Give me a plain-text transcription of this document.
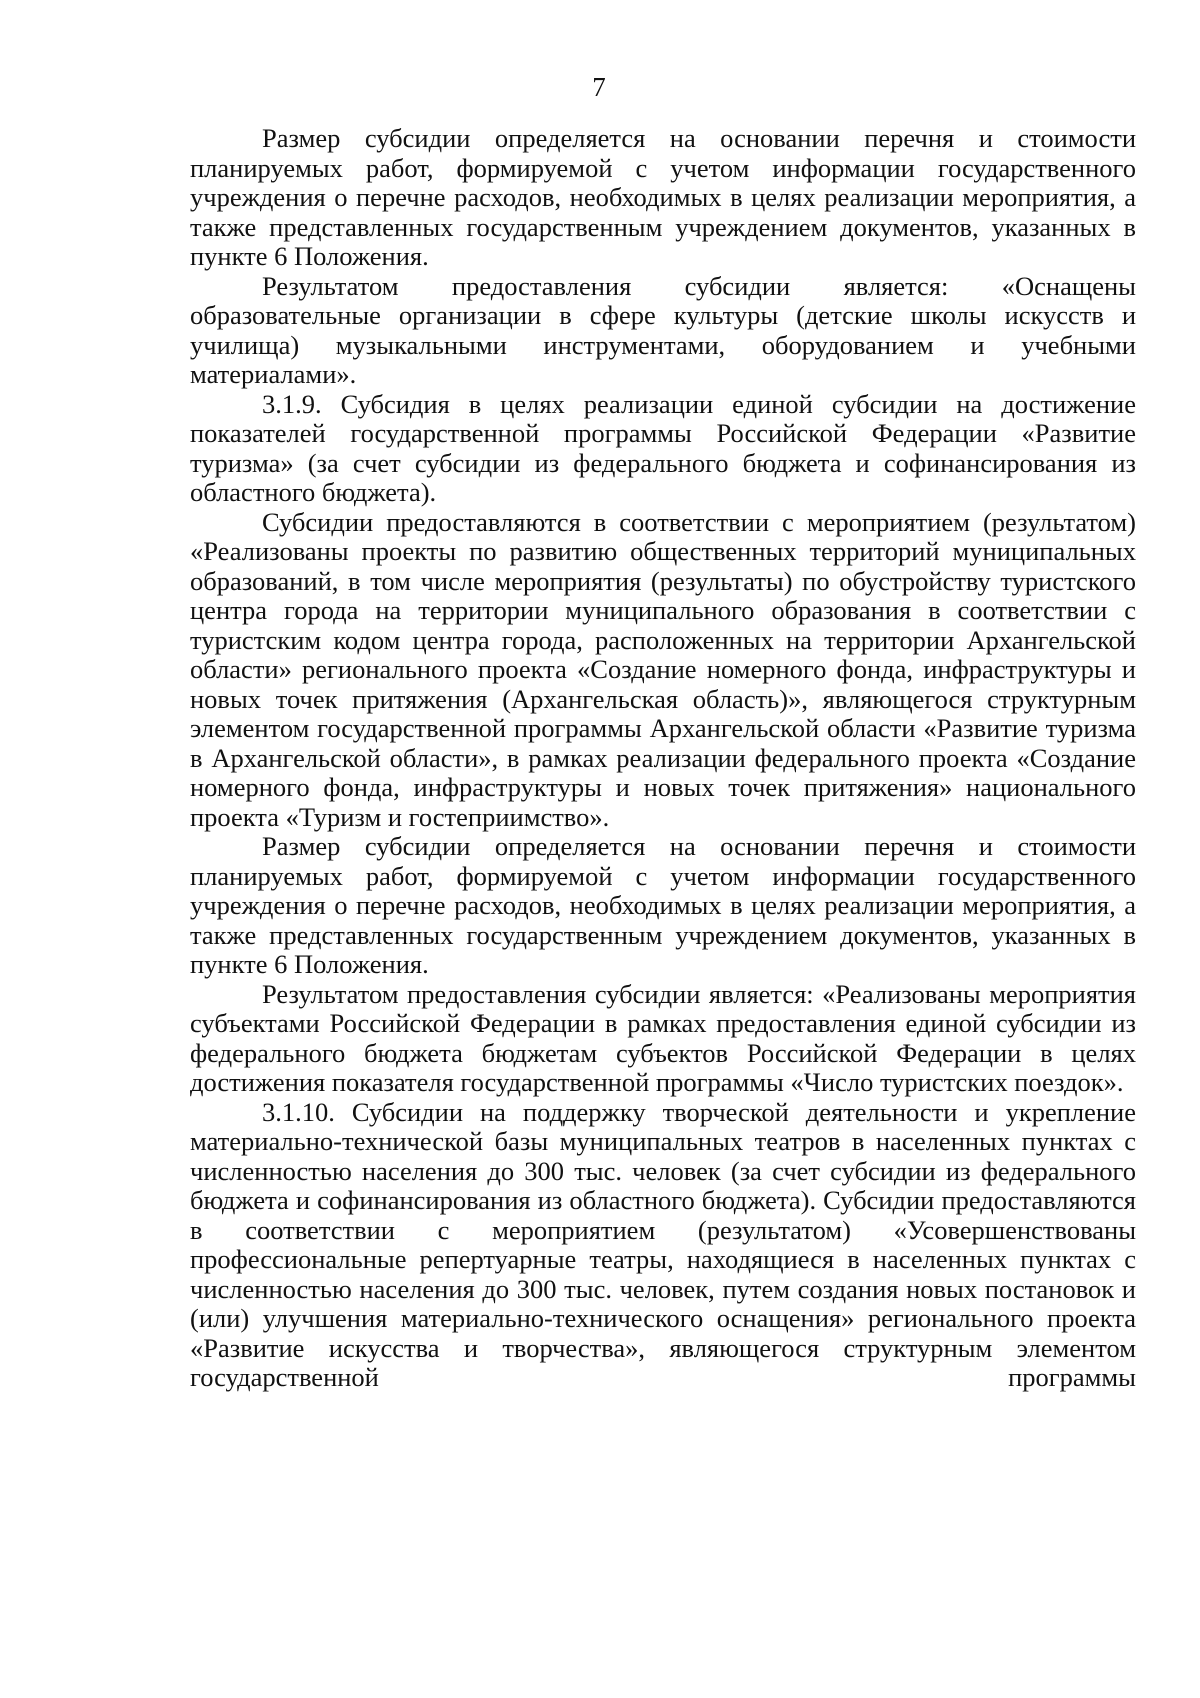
7

Размер субсидии определяется на основании перечня и стоимости планируемых работ, формируемой с учетом информации государственного учреждения о перечне расходов, необходимых в целях реализации мероприятия, а также представленных государственным учреждением документов, указанных в пункте 6 Положения.

Результатом предоставления субсидии является: «Оснащены образовательные организации в сфере культуры (детские школы искусств и училища) музыкальными инструментами, оборудованием и учебными материалами».

3.1.9. Субсидия в целях реализации единой субсидии на достижение показателей государственной программы Российской Федерации «Развитие туризма» (за счет субсидии из федерального бюджета и софинансирования из областного бюджета).

Субсидии предоставляются в соответствии с мероприятием (результатом) «Реализованы проекты по развитию общественных территорий муниципальных образований, в том числе мероприятия (результаты) по обустройству туристского центра города на территории муниципального образования в соответствии с туристским кодом центра города, расположенных на территории Архангельской области» регионального проекта «Создание номерного фонда, инфраструктуры и новых точек притяжения (Архангельская область)», являющегося структурным элементом государственной программы Архангельской области «Развитие туризма в Архангельской области», в рамках реализации федерального проекта «Создание номерного фонда, инфраструктуры и новых точек притяжения» национального проекта «Туризм и гостеприимство».

Размер субсидии определяется на основании перечня и стоимости планируемых работ, формируемой с учетом информации государственного учреждения о перечне расходов, необходимых в целях реализации мероприятия, а также представленных государственным учреждением документов, указанных в пункте 6 Положения.

Результатом предоставления субсидии является: «Реализованы мероприятия субъектами Российской Федерации в рамках предоставления единой субсидии из федерального бюджета бюджетам субъектов Российской Федерации в целях достижения показателя государственной программы «Число туристских поездок».

3.1.10. Субсидии на поддержку творческой деятельности и укрепление материально-технической базы муниципальных театров в населенных пунктах с численностью населения до 300 тыс. человек (за счет субсидии из федерального бюджета и софинансирования из областного бюджета). Субсидии предоставляются в соответствии с мероприятием (результатом) «Усовершенствованы профессиональные репертуарные театры, находящиеся в населенных пунктах с численностью населения до 300 тыс. человек, путем создания новых постановок и (или) улучшения материально-технического оснащения» регионального проекта «Развитие искусства и творчества», являющегося структурным элементом государственной программы
